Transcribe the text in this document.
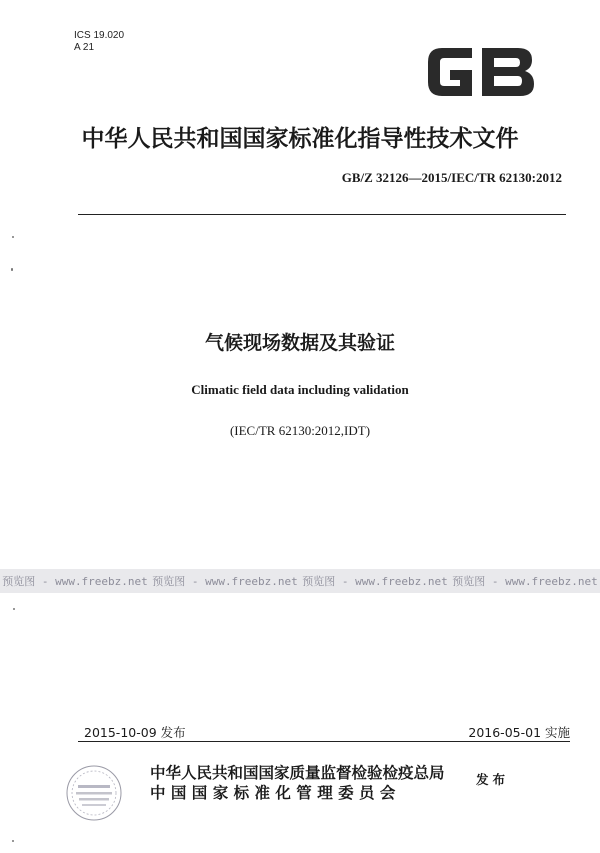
ICS 19.020
A 21
中华人民共和国国家标准化指导性技术文件
GB/Z 32126—2015/IEC/TR 62130:2012
气候现场数据及其验证
Climatic field data including validation
(IEC/TR 62130:2012,IDT)
预览图 - www.freebz.net 预览图 - www.freebz.net 预览图 - www.freebz.net 预览图 - www.freebz.net
2015-10-09 发布	2016-05-01 实施
中华人民共和国国家质量监督检验检疫总局
中国国家标准化管理委员会
发布
